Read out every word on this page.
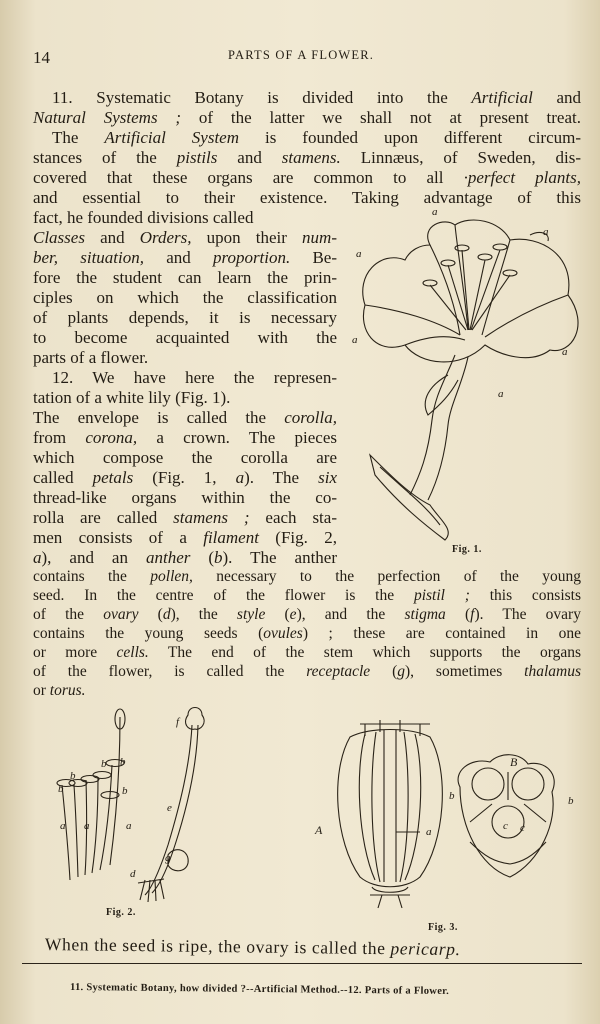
14	PARTS OF A FLOWER.
11. Systematic Botany is divided into the Artificial and
Natural Systems ; of the latter we shall not at present treat.
The Artificial System is founded upon different circum-
stances of the pistils and stamens. Linnæus, of Sweden, dis-
covered that these organs are common to all ·perfect plants,
and essential to their existence. Taking advantage of this
fact, he founded divisions called
Classes and Orders, upon their num-
ber, situation, and proportion. Be-
fore the student can learn the prin-
ciples on which the classification
of plants depends, it is necessary
to become acquainted with the
parts of a flower.
12. We have here the represen-
tation of a white lily (Fig. 1).
The envelope is called the corolla,
from corona, a crown. The pieces
which compose the corolla are
called petals (Fig. 1, a). The six
thread-like organs within the co-
rolla are called stamens ; each sta-
men consists of a filament (Fig. 2,
a), and an anther (b). The anther
contains the pollen, necessary to the perfection of the young
seed. In the centre of the flower is the pistil ; this consists
of the ovary (d), the style (e), and the stigma (f). The ovary
contains the young seeds (ovules) ; these are contained in one
or more cells. The end of the stem which supports the organs
of the flower, is called the receptacle (g), sometimes thalamus
or torus.
a
a
a
a
a
a
Fig. 1.
b b
b
b	b
a a	a
f
e
g
d
Fig. 2.
B
b	b
c c
A	a
Fig. 3.
When the seed is ripe, the ovary is called the pericarp.
11. Systematic Botany, how divided ?--Artificial Method.--12. Parts of a Flower.
